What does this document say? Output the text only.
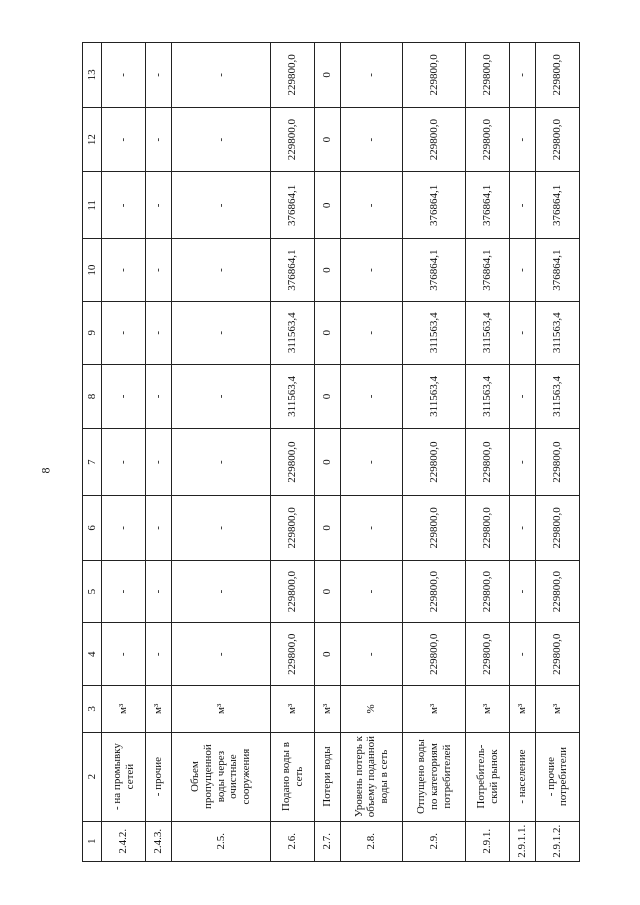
8
1	2	3	4	5	6	7	8	9	10	11	12	13
2.4.2.	- на промывку сетей	м³	-	-	-	-	-	-	-	-	-	-
2.4.3.	- прочие	м³	-	-	-	-	-	-	-	-	-	-
2.5.	Объем пропущенной воды через очистные сооружения	м³	-	-	-	-	-	-	-	-	-	-
2.6.	Подано воды в сеть	м³	229800,0	229800,0	229800,0	229800,0	311563,4	311563,4	376864,1	376864,1	229800,0	229800,0
2.7.	Потери воды	м³	0	0	0	0	0	0	0	0	0	0
2.8.	Уровень потерь к объему поданной воды в сеть	%	-	-	-	-	-	-	-	-	-	-
2.9.	Отпущено воды по категориям потребителей	м³	229800,0	229800,0	229800,0	229800,0	311563,4	311563,4	376864,1	376864,1	229800,0	229800,0
2.9.1.	Потребитель-ский рынок	м³	229800,0	229800,0	229800,0	229800,0	311563,4	311563,4	376864,1	376864,1	229800,0	229800,0
2.9.1.1.	- население	м³	-	-	-	-	-	-	-	-	-	-
2.9.1.2.	- прочие потребители	м³	229800,0	229800,0	229800,0	229800,0	311563,4	311563,4	376864,1	376864,1	229800,0	229800,0
